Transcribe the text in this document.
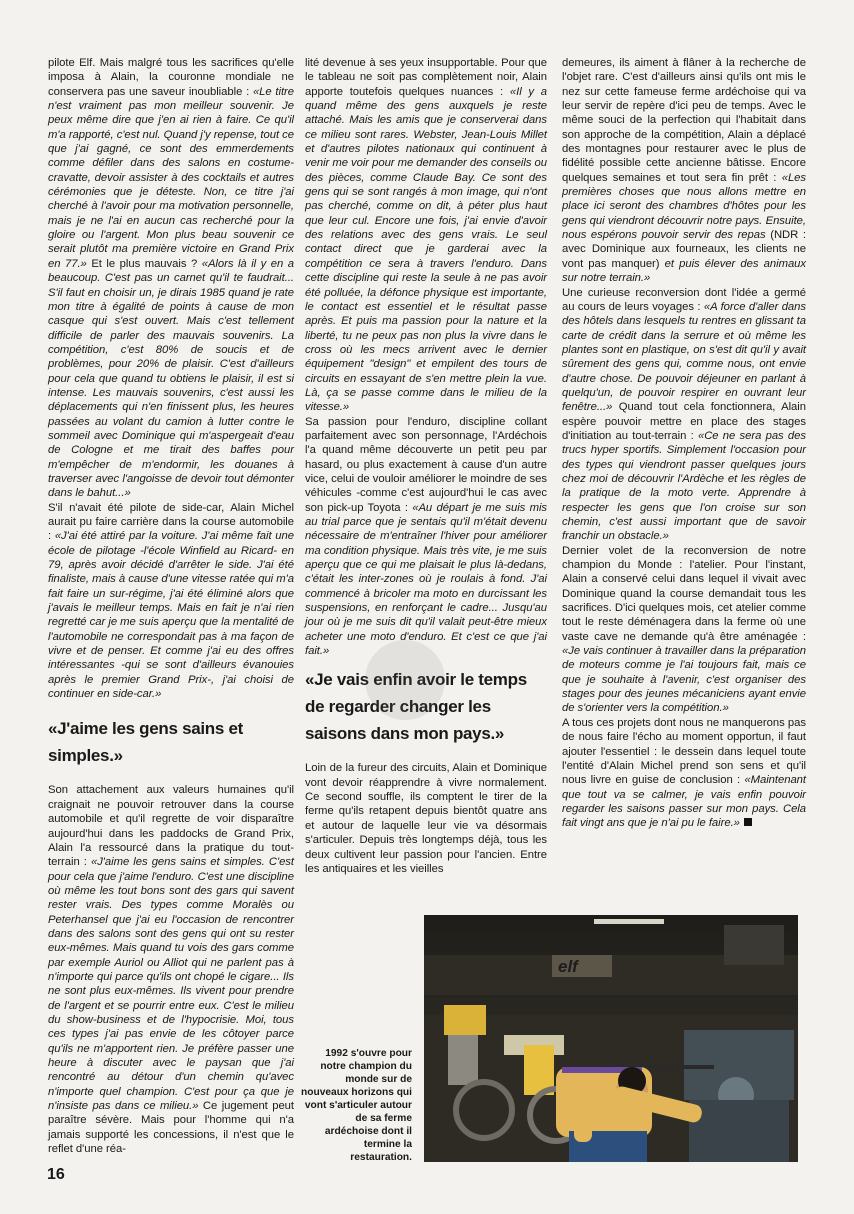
pilote Elf. Mais malgré tous les sacrifices qu'elle imposa à Alain, la couronne mondiale ne conservera pas une saveur inoubliable : «Le titre n'est vraiment pas mon meilleur souvenir. Je peux même dire que j'en ai rien à faire. Ce qu'il m'a rapporté, c'est nul. Quand j'y repense, tout ce que j'ai gagné, ce sont des emmerdements comme défiler dans des salons en costume-cravatte, devoir assister à des cocktails et autres cérémonies que je déteste. Non, ce titre j'ai cherché à l'avoir pour ma motivation personnelle, mais je ne l'ai en aucun cas recherché pour la gloire ou l'argent. Mon plus beau souvenir ce serait plutôt ma première victoire en Grand Prix en 77.» Et le plus mauvais ? «Alors là il y en a beaucoup. C'est pas un carnet qu'il te faudrait... S'il faut en choisir un, je dirais 1985 quand je rate mon titre à égalité de points à cause de mon casque qui s'est ouvert. Mais c'est tellement difficile de parler des mauvais souvenirs. La compétition, c'est 80% de soucis et de problèmes, pour 20% de plaisir. C'est d'ailleurs pour cela que quand tu obtiens le plaisir, il est si intense. Les mauvais souvenirs, c'est aussi les déplacements qui n'en finissent plus, les heures passées au volant du camion à lutter contre le sommeil avec Dominique qui m'aspergeait d'eau de Cologne et me tirait des baffes pour m'empêcher de m'endormir, les douanes à traverser avec l'angoisse de devoir tout démonter dans le bahut...»

S'il n'avait été pilote de side-car, Alain Michel aurait pu faire carrière dans la course automobile : «J'ai été attiré par la voiture. J'ai même fait une école de pilotage -l'école Winfield au Ricard- en 79, après avoir décidé d'arrêter le side. J'ai été finaliste, mais à cause d'une vitesse ratée qui m'a fait faire un sur-régime, j'ai été éliminé alors que j'avais le meilleur temps. Mais en fait je n'ai rien regretté car je me suis aperçu que la mentalité de l'automobile ne correspondait pas à ma façon de vivre et de penser. Et comme j'ai eu des offres intéressantes -qui se sont d'ailleurs évanouies après le premier Grand Prix-, j'ai choisi de continuer en side-car.»

«J'aime les gens sains et simples.»

Son attachement aux valeurs humaines qu'il craignait ne pouvoir retrouver dans la course automobile et qu'il regrette de voir disparaître aujourd'hui dans les paddocks de Grand Prix, Alain l'a ressourcé dans la pratique du tout-terrain : «J'aime les gens sains et simples. C'est pour cela que j'aime l'enduro. C'est une discipline où même les tout bons sont des gars qui savent rester vrais. Des types comme Moralès ou Peterhansel que j'ai eu l'occasion de rencontrer dans des salons sont des gens qui ont su rester eux-mêmes. Mais quand tu vois des gars comme par exemple Auriol ou Alliot qui ne parlent pas à n'importe qui parce qu'ils ont chopé le cigare... Ils ne sont plus eux-mêmes. Ils vivent pour prendre de l'argent et se pourrir entre eux. C'est le milieu du show-business et de l'hypocrisie. Moi, tous ces types j'ai pas envie de les côtoyer parce qu'ils ne m'apportent rien. Je préfère passer une heure à discuter avec le paysan que j'ai rencontré au détour d'un chemin qu'avec n'importe quel champion. C'est pour ça que je n'insiste pas dans ce milieu.» Ce jugement peut paraître sévère. Mais pour l'homme qui n'a jamais supporté les concessions, il n'est que le reflet d'une réa-

lité devenue à ses yeux insupportable. Pour que le tableau ne soit pas complètement noir, Alain apporte toutefois quelques nuances : «Il y a quand même des gens auxquels je reste attaché. Mais les amis que je conserverai dans ce milieu sont rares. Webster, Jean-Louis Millet et d'autres pilotes nationaux qui continuent à venir me voir pour me demander des conseils ou des pièces, comme Claude Bay. Ce sont des gens qui se sont rangés à mon image, qui n'ont pas cherché, comme on dit, à péter plus haut que leur cul. Encore une fois, j'ai envie d'avoir des relations avec des gens vrais. Le seul contact direct que je garderai avec la compétition ce sera à travers l'enduro. Dans cette discipline qui reste la seule à ne pas avoir été polluée, la défonce physique est importante, le contact est essentiel et le résultat passe après. Et puis ma passion pour la nature et la liberté, tu ne peux pas non plus la vivre dans le cross où les mecs arrivent avec le dernier équipement "design" et empilent des tours de circuits en essayant de s'en mettre plein la vue. Là, ça se passe comme dans le milieu de la vitesse.»

Sa passion pour l'enduro, discipline collant parfaitement avec son personnage, l'Ardéchois l'a quand même découverte un petit peu par hasard, ou plus exactement à cause d'un autre vice, celui de vouloir améliorer le moindre de ses véhicules -comme c'est aujourd'hui le cas avec son pick-up Toyota : «Au départ je me suis mis au trial parce que je sentais qu'il m'était devenu nécessaire de m'entraîner l'hiver pour améliorer ma condition physique. Mais très vite, je me suis aperçu que ce qui me plaisait le plus là-dedans, c'était les inter-zones où je roulais à fond. J'ai commencé à bricoler ma moto en durcissant les suspensions, en renforçant le cadre... Jusqu'au jour où je me suis dit qu'il valait peut-être mieux acheter une moto d'enduro. Et c'est ce que j'ai fait.»

«Je vais enfin avoir le temps de regarder changer les saisons dans mon pays.»

Loin de la fureur des circuits, Alain et Dominique vont devoir réapprendre à vivre normalement. Ce second souffle, ils comptent le tirer de la ferme qu'ils retapent depuis bientôt quatre ans et autour de laquelle leur vie va désormais s'articuler. Depuis très longtemps déjà, tous les deux cultivent leur passion pour l'ancien. Entre les antiquaires et les vieilles

demeures, ils aiment à flâner à la recherche de l'objet rare. C'est d'ailleurs ainsi qu'ils ont mis le nez sur cette fameuse ferme ardéchoise qui va leur servir de repère d'ici peu de temps. Avec le même souci de la perfection qui l'habitait dans son approche de la compétition, Alain a déplacé des montagnes pour restaurer avec le plus de fidélité possible cette ancienne bâtisse. Encore quelques semaines et tout sera fin prêt : «Les premières choses que nous allons mettre en place ici seront des chambres d'hôtes pour les gens qui viendront découvrir notre pays. Ensuite, nous espérons pouvoir servir des repas (NDR : avec Dominique aux fourneaux, les clients ne vont pas manquer) et puis élever des animaux sur notre terrain.»

Une curieuse reconversion dont l'idée a germé au cours de leurs voyages : «A force d'aller dans des hôtels dans lesquels tu rentres en glissant ta carte de crédit dans la serrure et où même les plantes sont en plastique, on s'est dit qu'il y avait sûrement des gens qui, comme nous, ont envie d'autre chose. De pouvoir déjeuner en parlant à quelqu'un, de pouvoir respirer en ouvrant leur fenêtre...» Quand tout cela fonctionnera, Alain espère pouvoir mettre en place des stages d'initiation au tout-terrain : «Ce ne sera pas des trucs hyper sportifs. Simplement l'occasion pour des types qui viendront passer quelques jours chez moi de découvrir l'Ardèche et les règles de la pratique de la moto verte. Apprendre à respecter les gens que l'on croise sur son chemin, c'est aussi important que de savoir franchir un obstacle.»

Dernier volet de la reconversion de notre champion du Monde : l'atelier. Pour l'instant, Alain a conservé celui dans lequel il vivait avec Dominique quand la course demandait tous les sacrifices. D'ici quelques mois, cet atelier comme tout le reste déménagera dans la ferme où une vaste cave ne demande qu'à être aménagée : «Je vais continuer à travailler dans la préparation de moteurs comme je l'ai toujours fait, mais ce que je souhaite à l'avenir, c'est organiser des stages pour des jeunes mécaniciens ayant envie de s'orienter vers la compétition.»

A tous ces projets dont nous ne manquerons pas de nous faire l'écho au moment opportun, il faut ajouter l'essentiel : le dessein dans lequel toute l'entité d'Alain Michel prend son sens et qu'il nous livre en guise de conclusion : «Maintenant que tout va se calmer, je vais enfin pouvoir regarder les saisons passer sur mon pays. Cela fait vingt ans que je n'ai pu le faire.»

elf
1992 s'ouvre pour notre champion du monde sur de nouveaux horizons qui vont s'articuler autour de sa ferme ardéchoise dont il termine la restauration.
16
